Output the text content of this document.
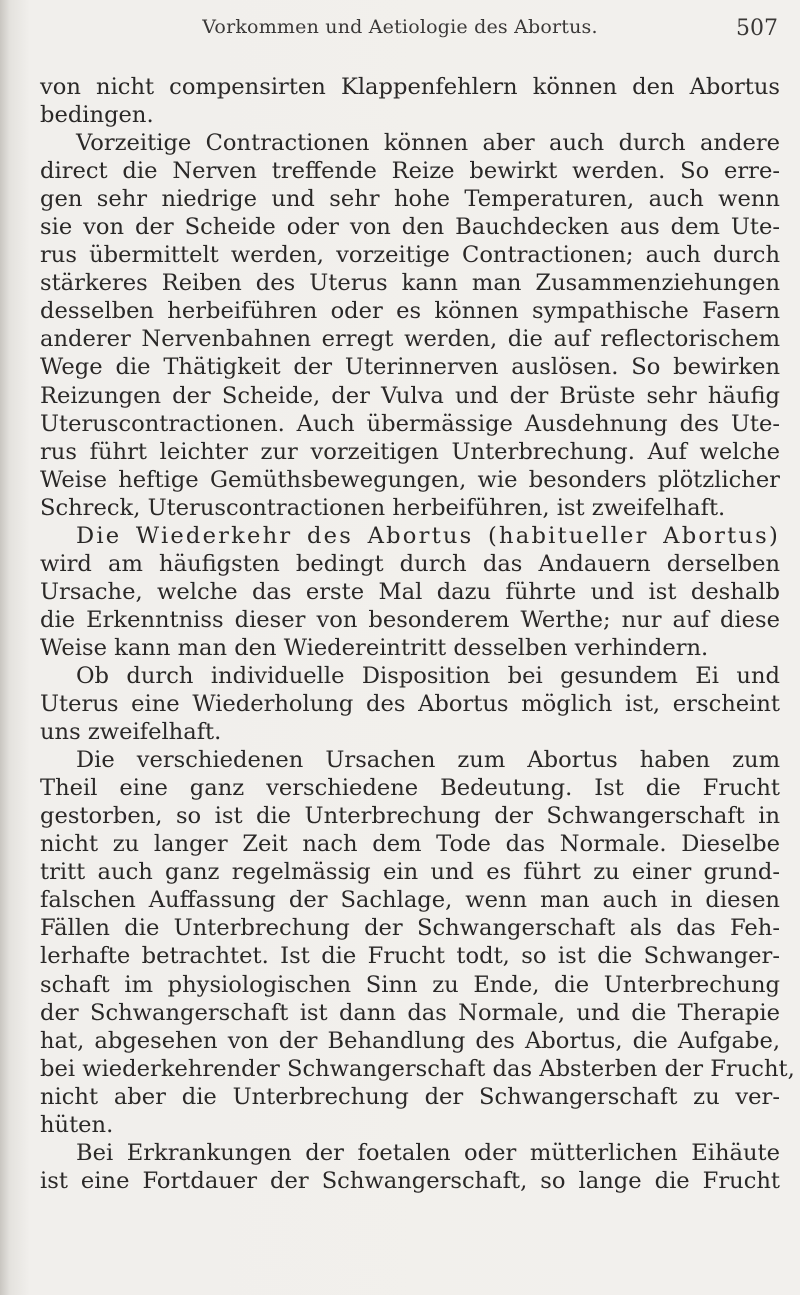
Vorkommen und Aetiologie des Abortus.	507
von nicht compensirten Klappenfehlern können den Abortus
bedingen.
Vorzeitige Contractionen können aber auch durch andere
direct die Nerven treffende Reize bewirkt werden. So erre-
gen sehr niedrige und sehr hohe Temperaturen, auch wenn
sie von der Scheide oder von den Bauchdecken aus dem Ute-
rus übermittelt werden, vorzeitige Contractionen; auch durch
stärkeres Reiben des Uterus kann man Zusammenziehungen
desselben herbeiführen oder es können sympathische Fasern
anderer Nervenbahnen erregt werden, die auf reflectorischem
Wege die Thätigkeit der Uterinnerven auslösen. So bewirken
Reizungen der Scheide, der Vulva und der Brüste sehr häufig
Uteruscontractionen. Auch übermässige Ausdehnung des Ute-
rus führt leichter zur vorzeitigen Unterbrechung. Auf welche
Weise heftige Gemüthsbewegungen, wie besonders plötzlicher
Schreck, Uteruscontractionen herbeiführen, ist zweifelhaft.
Die Wiederkehr des Abortus (habitueller Abortus)
wird am häufigsten bedingt durch das Andauern derselben
Ursache, welche das erste Mal dazu führte und ist deshalb
die Erkenntniss dieser von besonderem Werthe; nur auf diese
Weise kann man den Wiedereintritt desselben verhindern.
Ob durch individuelle Disposition bei gesundem Ei und
Uterus eine Wiederholung des Abortus möglich ist, erscheint
uns zweifelhaft.
Die verschiedenen Ursachen zum Abortus haben zum
Theil eine ganz verschiedene Bedeutung. Ist die Frucht
gestorben, so ist die Unterbrechung der Schwangerschaft in
nicht zu langer Zeit nach dem Tode das Normale. Dieselbe
tritt auch ganz regelmässig ein und es führt zu einer grund-
falschen Auffassung der Sachlage, wenn man auch in diesen
Fällen die Unterbrechung der Schwangerschaft als das Feh-
lerhafte betrachtet. Ist die Frucht todt, so ist die Schwanger-
schaft im physiologischen Sinn zu Ende, die Unterbrechung
der Schwangerschaft ist dann das Normale, und die Therapie
hat, abgesehen von der Behandlung des Abortus, die Aufgabe,
bei wiederkehrender Schwangerschaft das Absterben der Frucht,
nicht aber die Unterbrechung der Schwangerschaft zu ver-
hüten.
Bei Erkrankungen der foetalen oder mütterlichen Eihäute
ist eine Fortdauer der Schwangerschaft, so lange die Frucht
